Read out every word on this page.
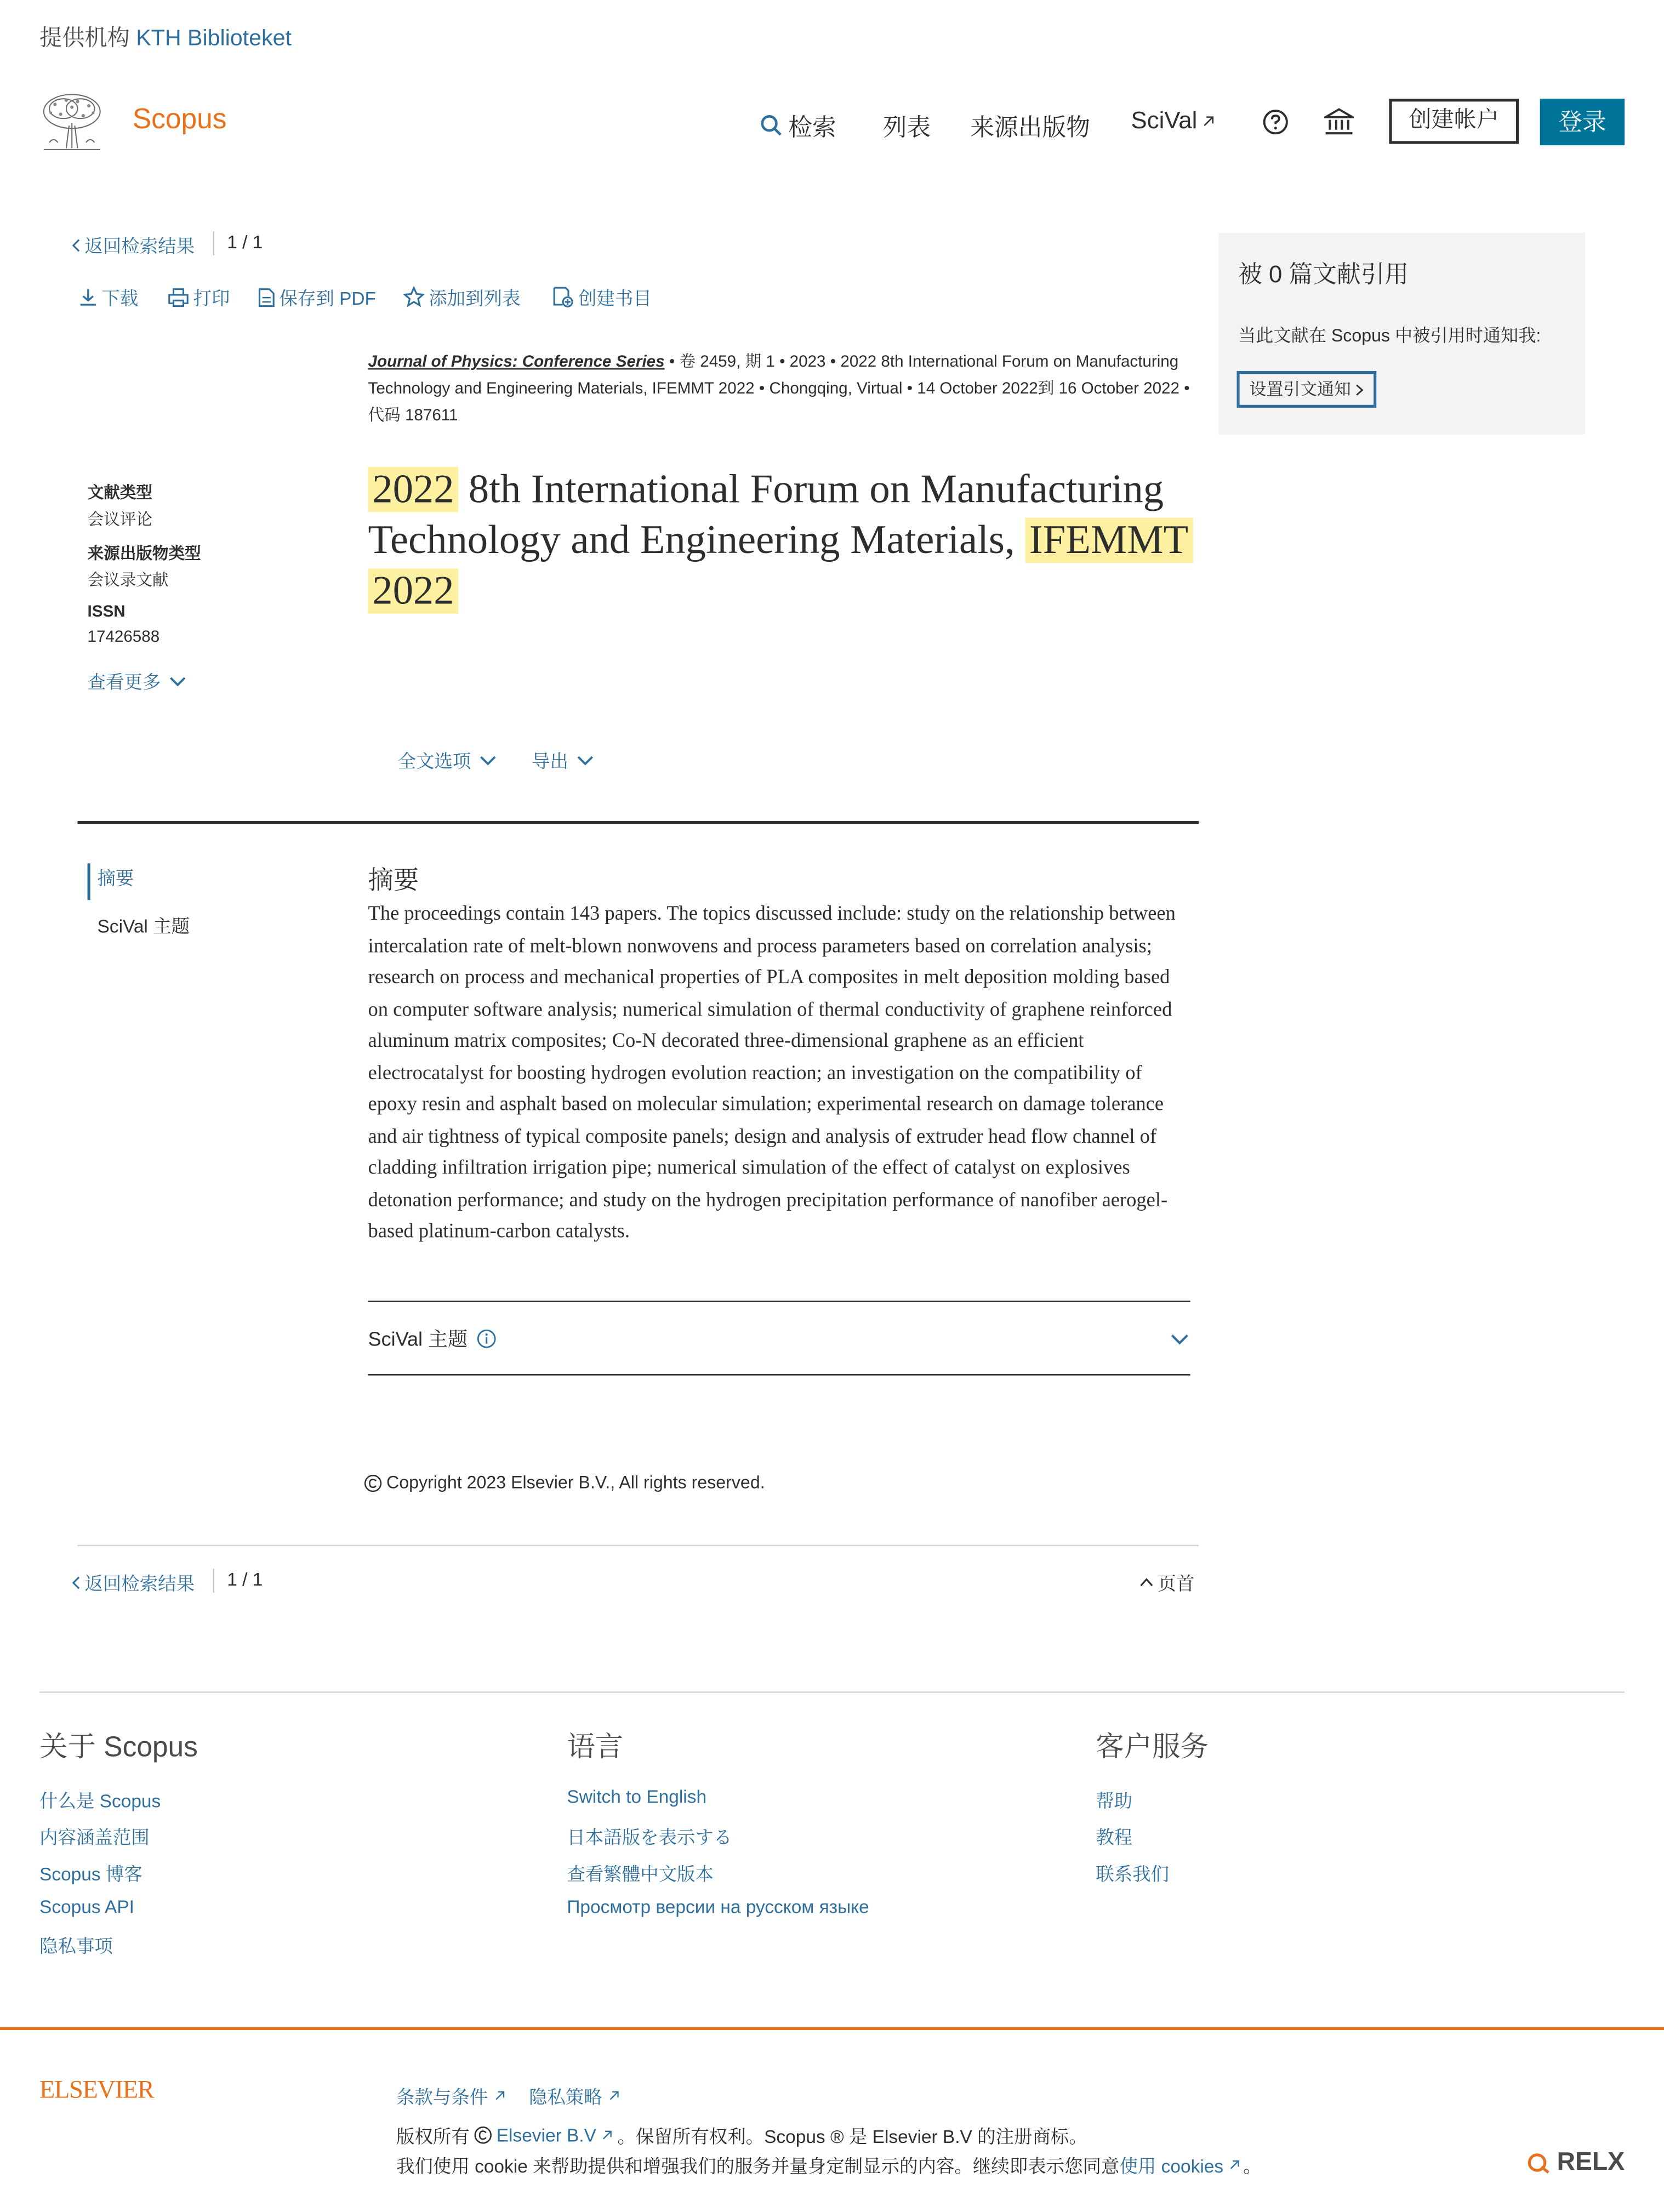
提供机构 KTH Biblioteket
Scopus	检索	列表	来源出版物	SciVal	创建帐户	登录
返回检索结果	1 / 1
下载	打印	保存到 PDF	添加到列表	创建书目
Journal of Physics: Conference Series • 卷 2459, 期 1 • 2023 • 2022 8th International Forum on Manufacturing Technology and Engineering Materials, IFEMMT 2022 • Chongqing, Virtual • 14 October 2022到 16 October 2022 • 代码 187611
文献类型
会议评论
来源出版物类型
会议录文献
ISSN
17426588
查看更多
2022 8th International Forum on Manufacturing Technology and Engineering Materials, IFEMMT 2022
全文选项	导出
摘要
SciVal 主题
摘要
The proceedings contain 143 papers. The topics discussed include: study on the relationship between intercalation rate of melt-blown nonwovens and process parameters based on correlation analysis; research on process and mechanical properties of PLA composites in melt deposition molding based on computer software analysis; numerical simulation of thermal conductivity of graphene reinforced aluminum matrix composites; Co-N decorated three-dimensional graphene as an efficient electrocatalyst for boosting hydrogen evolution reaction; an investigation on the compatibility of epoxy resin and asphalt based on molecular simulation; experimental research on damage tolerance and air tightness of typical composite panels; design and analysis of extruder head flow channel of cladding infiltration irrigation pipe; numerical simulation of the effect of catalyst on explosives detonation performance; and study on the hydrogen precipitation performance of nanofiber aerogel-based platinum-carbon catalysts.
SciVal 主题
Copyright 2023 Elsevier B.V., All rights reserved.
返回检索结果	1 / 1	页首
被 0 篇文献引用
当此文献在 Scopus 中被引用时通知我:
设置引文通知
关于 Scopus
什么是 Scopus
内容涵盖范围
Scopus 博客
Scopus API
隐私事项
语言
Switch to English
日本語版を表示する
查看繁體中文版本
Просмотр версии на русском языке
客户服务
帮助
教程
联系我们
ELSEVIER	条款与条件	隐私策略
版权所有	Elsevier B.V	。保留所有权利。Scopus ® 是 Elsevier B.V 的注册商标。
我们使用 cookie 来帮助提供和增强我们的服务并量身定制显示的内容。继续即表示您同意 使用 cookies	。	RELX
